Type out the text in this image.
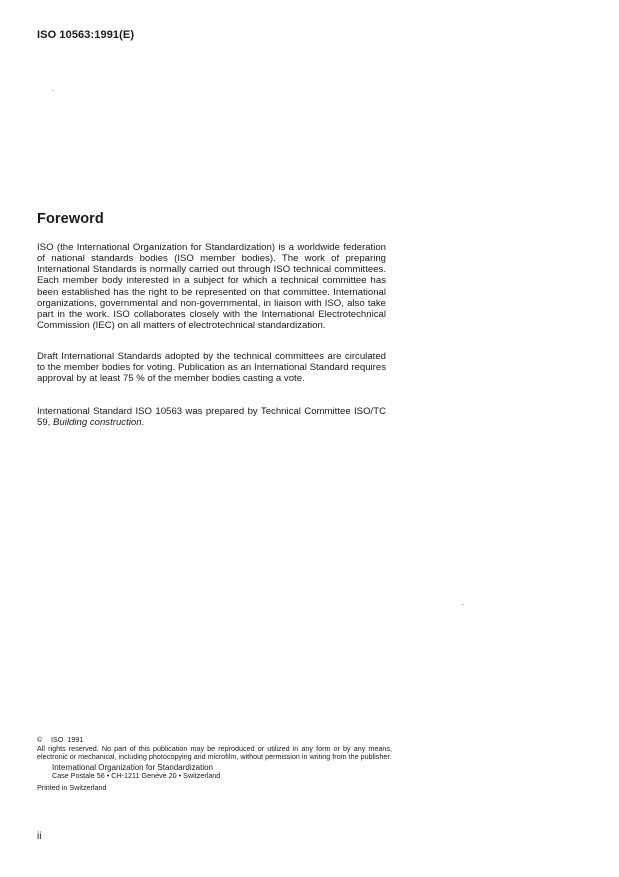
ISO 10563:1991(E)
Foreword

ISO (the International Organization for Standardization) is a worldwide federation of national standards bodies (ISO member bodies). The work of preparing International Standards is normally carried out through ISO technical committees. Each member body interested in a subject for which a technical committee has been established has the right to be represented on that committee. International organizations, governmental and non-governmental, in liaison with ISO, also take part in the work. ISO collaborates closely with the International Electrotechnical Commission (IEC) on all matters of electrotechnical standardization.

Draft International Standards adopted by the technical committees are circulated to the member bodies for voting. Publication as an International Standard requires approval by at least 75 % of the member bodies casting a vote.

International Standard ISO 10563 was prepared by Technical Committee ISO/TC 59, Building construction.

© ISO  1991
All rights reserved. No part of this publication may be reproduced or utilized in any form or by any means, electronic or mechanical, including photocopying and microfilm, without permission in writing from the publisher.
International Organization for Standardization
Case Postale 56 • CH-1211 Genève 20 • Switzerland
Printed in Switzerland
ii
